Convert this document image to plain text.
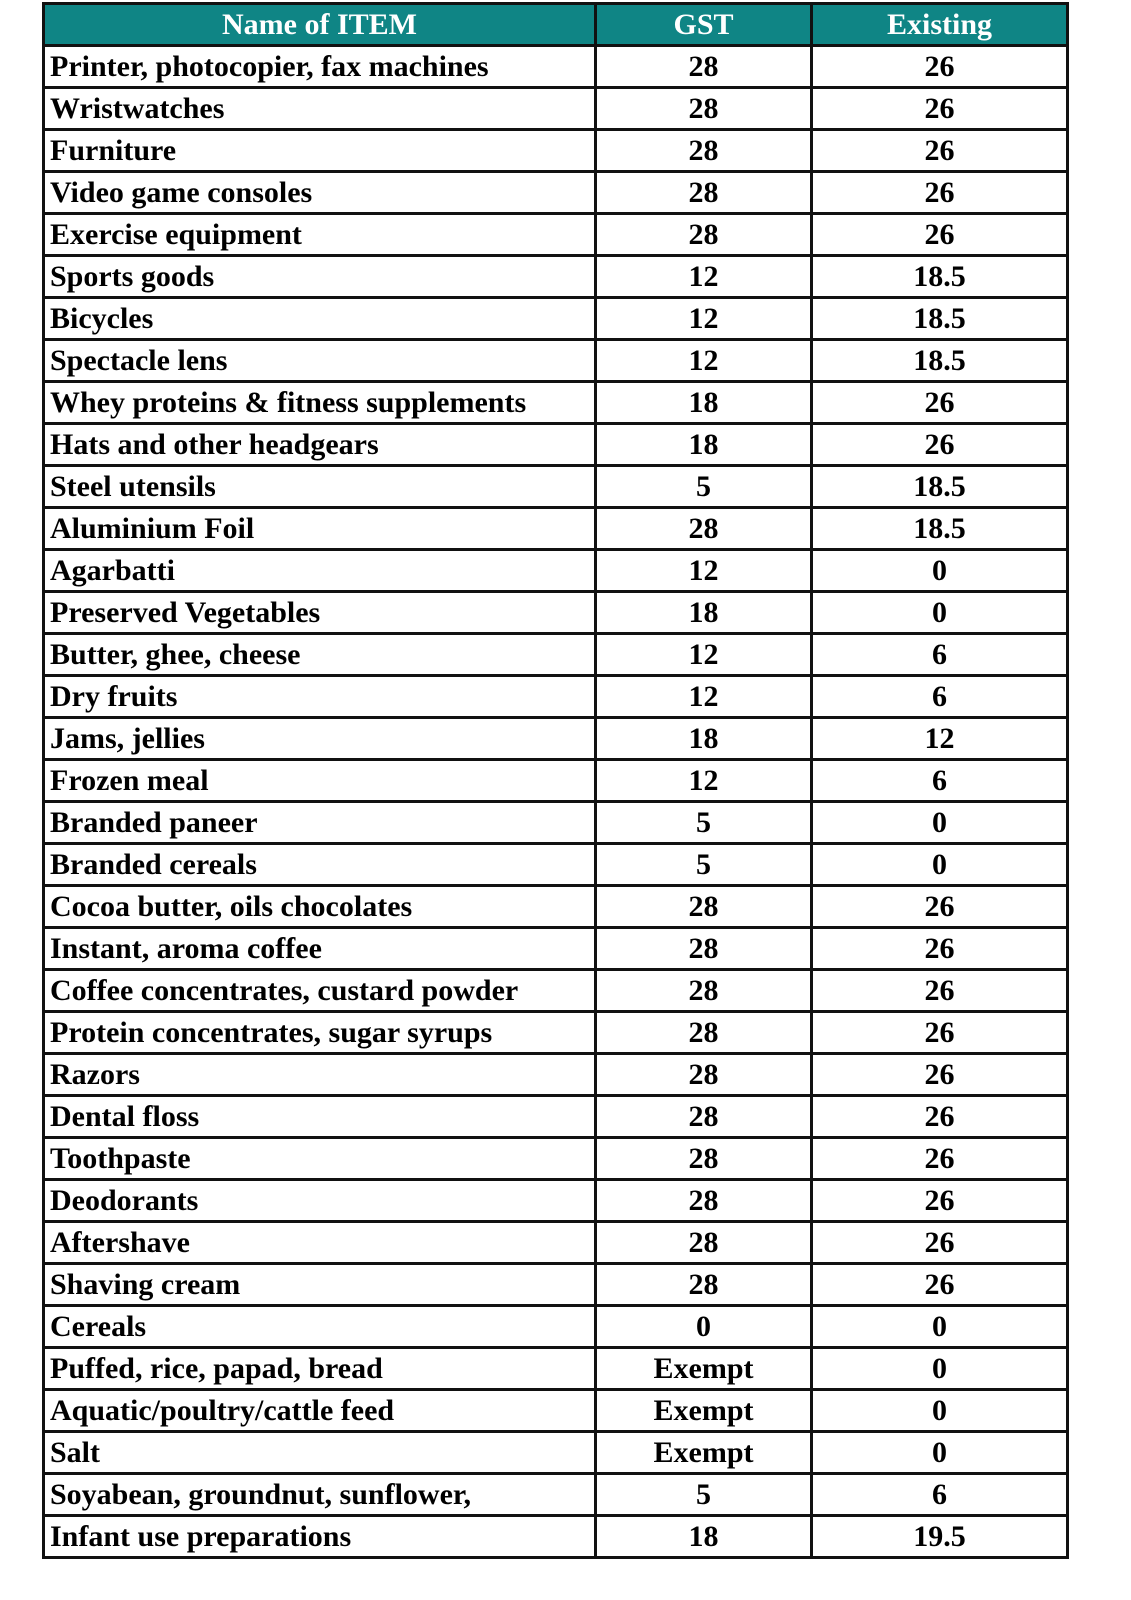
Name of ITEM	GST	Existing
Printer, photocopier, fax machines	28	26
Wristwatches	28	26
Furniture	28	26
Video game consoles	28	26
Exercise equipment	28	26
Sports goods	12	18.5
Bicycles	12	18.5
Spectacle lens	12	18.5
Whey proteins & fitness supplements	18	26
Hats and other headgears	18	26
Steel utensils	5	18.5
Aluminium Foil	28	18.5
Agarbatti	12	0
Preserved Vegetables	18	0
Butter, ghee, cheese	12	6
Dry fruits	12	6
Jams, jellies	18	12
Frozen meal	12	6
Branded paneer	5	0
Branded cereals	5	0
Cocoa butter, oils chocolates	28	26
Instant, aroma coffee	28	26
Coffee concentrates, custard powder	28	26
Protein concentrates, sugar syrups	28	26
Razors	28	26
Dental floss	28	26
Toothpaste	28	26
Deodorants	28	26
Aftershave	28	26
Shaving cream	28	26
Cereals	0	0
Puffed, rice, papad, bread	Exempt	0
Aquatic/poultry/cattle feed	Exempt	0
Salt	Exempt	0
Soyabean, groundnut, sunflower,	5	6
Infant use preparations	18	19.5
